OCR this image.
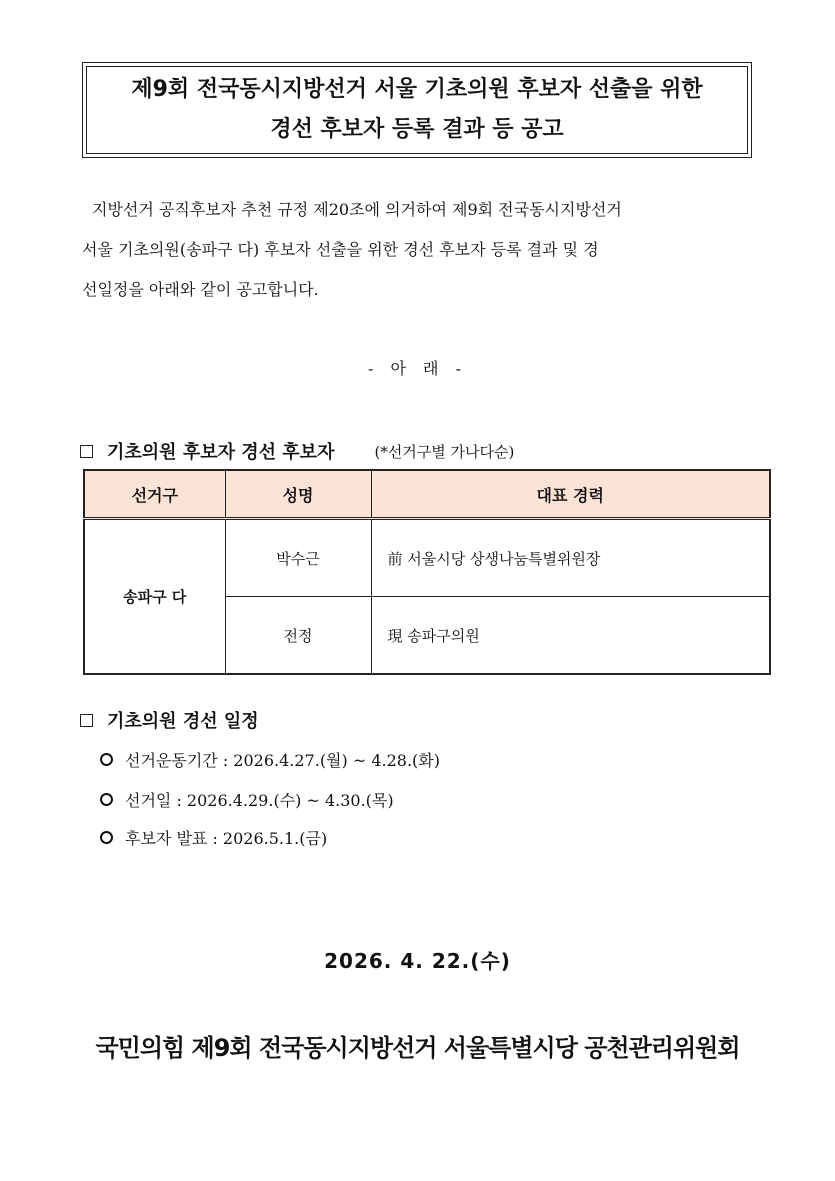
제9회 전국동시지방선거 서울 기초의원 후보자 선출을 위한
경선 후보자 등록 결과 등 공고
지방선거 공직후보자 추천 규정 제20조에 의거하여 제9회 전국동시지방선거
서울 기초의원(송파구 다) 후보자 선출을 위한 경선 후보자 등록 결과 및 경
선일정을 아래와 같이 공고합니다.
- 아 래 -
기초의원 후보자 경선 후보자	(*선거구별 가나다순)
선거구	성명	대표 경력
송파구 다	박수근	前 서울시당 상생나눔특별위원장
	전정	現 송파구의원
기초의원 경선 일정
선거운동기간 : 2026.4.27.(월) ~ 4.28.(화)
선거일 : 2026.4.29.(수) ~ 4.30.(목)
후보자 발표 : 2026.5.1.(금)
2026. 4. 22.(수)
국민의힘 제9회 전국동시지방선거 서울특별시당 공천관리위원회
